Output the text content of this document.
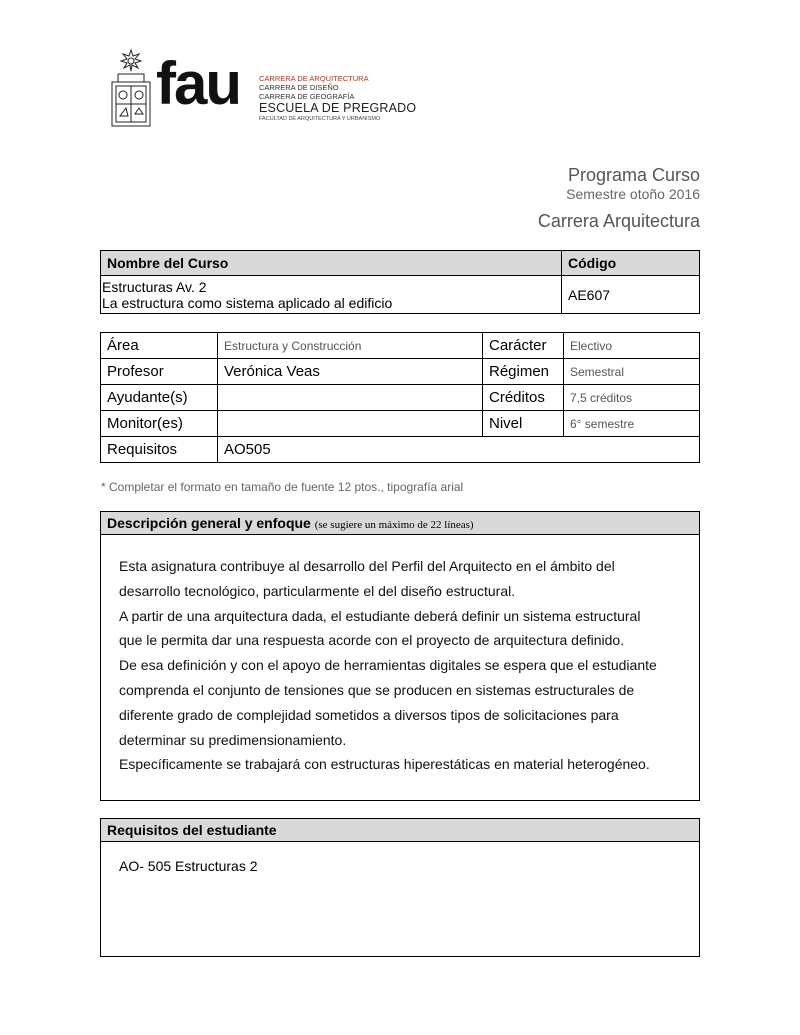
fau	CARRERA DE ARQUITECTURA
CARRERA DE DISEÑO
CARRERA DE GEOGRAFÍA
ESCUELA DE PREGRADO
FACULTAD DE ARQUITECTURA Y URBANISMO
Programa Curso
Semestre otoño 2016
Carrera Arquitectura
Nombre del Curso	Código

Estructuras Av. 2
La estructura como sistema aplicado al edificio	AE607
Área	Estructura y Construcción	Carácter	Electivo
Profesor	Verónica Veas	Régimen	Semestral
Ayudante(s)		Créditos	7,5 créditos
Monitor(es)		Nivel	6° semestre
Requisitos	AO505		
* Completar el formato en tamaño de fuente 12 ptos., tipografía arial
Descripción general y enfoque (se sugiere un máximo de 22 líneas)

Esta asignatura contribuye al desarrollo del Perfil del Arquitecto en el ámbito del

desarrollo tecnológico, particularmente el del diseño estructural.

A partir de una arquitectura dada, el estudiante deberá definir un sistema estructural

que le permita dar una respuesta acorde con el proyecto de arquitectura definido.

De esa definición y con el apoyo de herramientas digitales se espera que el estudiante

comprenda el conjunto de tensiones que se producen en sistemas estructurales de

diferente grado de complejidad sometidos a diversos tipos de solicitaciones para

determinar su predimensionamiento.

Específicamente se trabajará con estructuras hiperestáticas en material heterogéneo.

Requisitos del estudiante
AO- 505 Estructuras 2
